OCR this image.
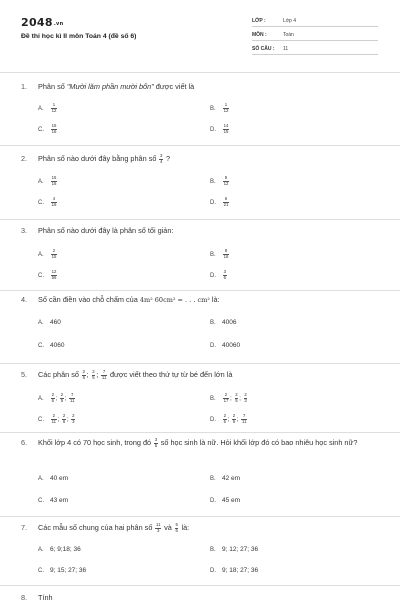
$2048^{.vn}$
Đề thi học kì II môn Toán 4 (đề số 6)
LỚP :	Lớp 4
MÔN :	Toán
SỐ CÂU : 11
1. Phân số "Mười lăm phần mười bốn" được viết là
A. $\frac{1}{12}$	B. $\frac{1}{12}$
C. $\frac{15}{16}$	D. $\frac{14}{15}$
2. Phân số nào dưới đây bằng phân số $\frac{3}{4}$ ?
A. $\frac{15}{16}$	B. $\frac{9}{12}$
C. $\frac{4}{16}$	D. $\frac{6}{21}$
3. Phân số nào dưới đây là phân số tối giản:
A. $\frac{2}{15}$	B. $\frac{8}{16}$
C. $\frac{12}{56}$	D. $\frac{3}{6}$
4. Số cần điền vào chỗ chấm của 4m² 60cm² = . . . cm² là:
A. 460	B. 4006
C. 4060	D. 40060
5. Các phân số $\frac{2}{6}$ ; $\frac{2}{5}$ ; $\frac{7}{11}$ được viết theo thứ tự từ bé đến lớn là
A. $\frac{2}{6}$ ; $\frac{2}{5}$ ; $\frac{7}{11}$	B. $\frac{2}{17}$ ; $\frac{2}{5}$ ; $\frac{2}{3}$
C. $\frac{2}{11}$ ; $\frac{2}{6}$ ; $\frac{2}{3}$	D. $\frac{2}{5}$ ; $\frac{2}{6}$ ; $\frac{7}{11}$
6. Khối lớp 4 có 70 học sinh, trong đó $\frac{3}{5}$ số học sinh là nữ. Hỏi khối lớp đó có bao nhiêu học sinh nữ?
A. 40 em	B. 42 em
C. 43 em	D. 45 em
7. Các mẫu số chung của hai phân số $\frac{11}{3}$ và $\frac{5}{6}$ là:
A. 6; 9;18; 36	B. 9; 12; 27; 36
C. 9; 15; 27; 36	D. 9; 18; 27; 36
8. Tính
